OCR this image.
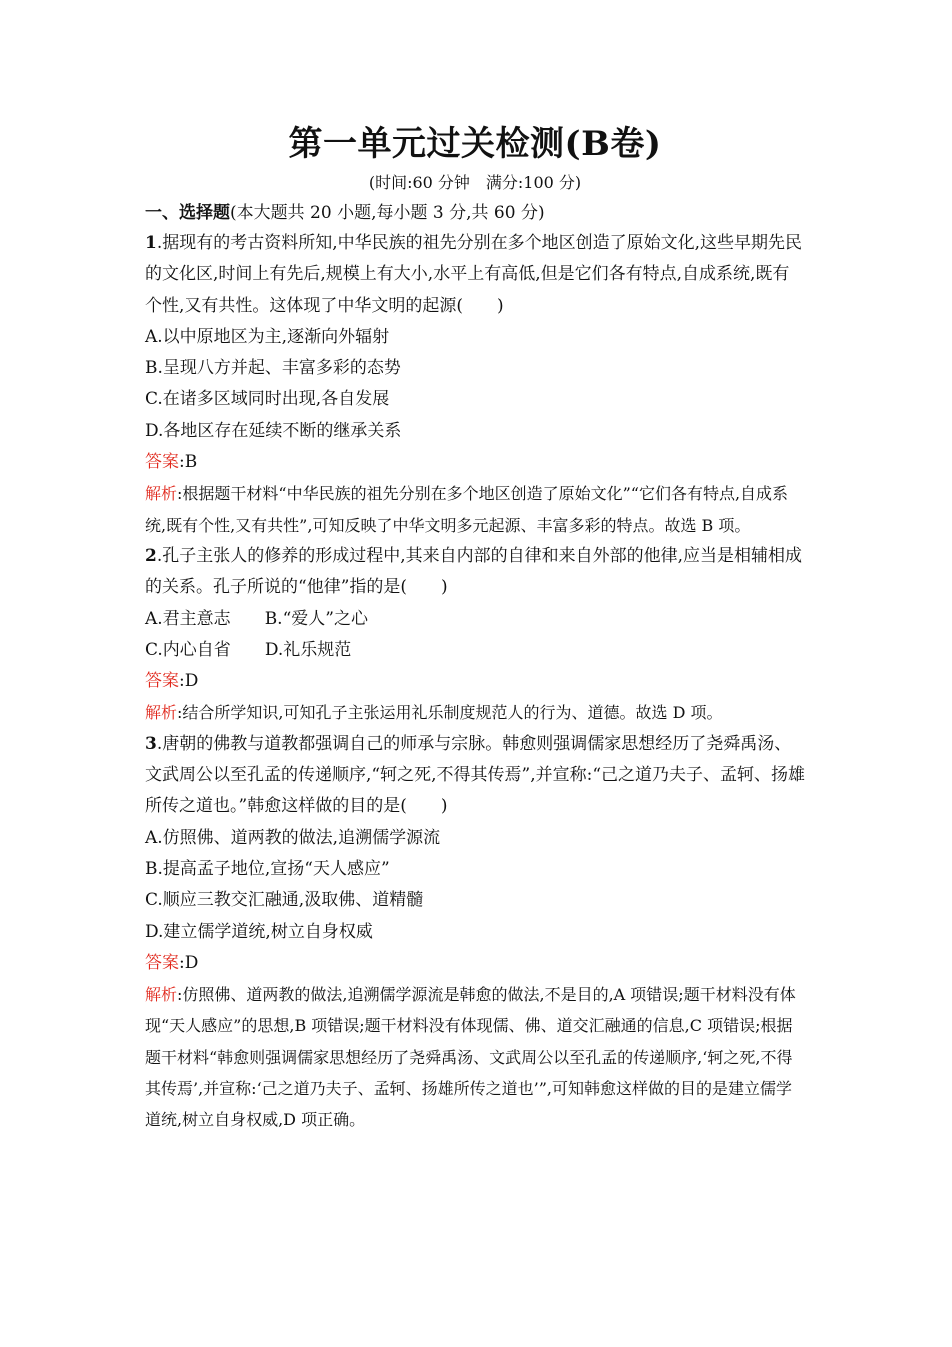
第一单元过关检测(B卷)

(时间:60 分钟　满分:100 分)

一、选择题(本大题共 20 小题,每小题 3 分,共 60 分)

1.据现有的考古资料所知,中华民族的祖先分别在多个地区创造了原始文化,这些早期先民的文化区,时间上有先后,规模上有大小,水平上有高低,但是它们各有特点,自成系统,既有个性,又有共性。这体现了中华文明的起源(　　)

A.以中原地区为主,逐渐向外辐射

B.呈现八方并起、丰富多彩的态势

C.在诸多区域同时出现,各自发展

D.各地区存在延续不断的继承关系

答案:B

解析:根据题干材料“中华民族的祖先分别在多个地区创造了原始文化”“它们各有特点,自成系统,既有个性,又有共性”,可知反映了中华文明多元起源、丰富多彩的特点。故选 B 项。

2.孔子主张人的修养的形成过程中,其来自内部的自律和来自外部的他律,应当是相辅相成的关系。孔子所说的“他律”指的是(　　)

A.君主意志 B.“爱人”之心

C.内心自省 D.礼乐规范

答案:D

解析:结合所学知识,可知孔子主张运用礼乐制度规范人的行为、道德。故选 D 项。

3.唐朝的佛教与道教都强调自己的师承与宗脉。韩愈则强调儒家思想经历了尧舜禹汤、文武周公以至孔孟的传递顺序,“轲之死,不得其传焉”,并宣称:“己之道乃夫子、孟轲、扬雄所传之道也。”韩愈这样做的目的是(　　)

A.仿照佛、道两教的做法,追溯儒学源流

B.提高孟子地位,宣扬“天人感应”

C.顺应三教交汇融通,汲取佛、道精髓

D.建立儒学道统,树立自身权威

答案:D

解析:仿照佛、道两教的做法,追溯儒学源流是韩愈的做法,不是目的,A 项错误;题干材料没有体现“天人感应”的思想,B 项错误;题干材料没有体现儒、佛、道交汇融通的信息,C 项错误;根据题干材料“韩愈则强调儒家思想经历了尧舜禹汤、文武周公以至孔孟的传递顺序,‘轲之死,不得其传焉’,并宣称:‘己之道乃夫子、孟轲、扬雄所传之道也’”,可知韩愈这样做的目的是建立儒学道统,树立自身权威,D 项正确。
